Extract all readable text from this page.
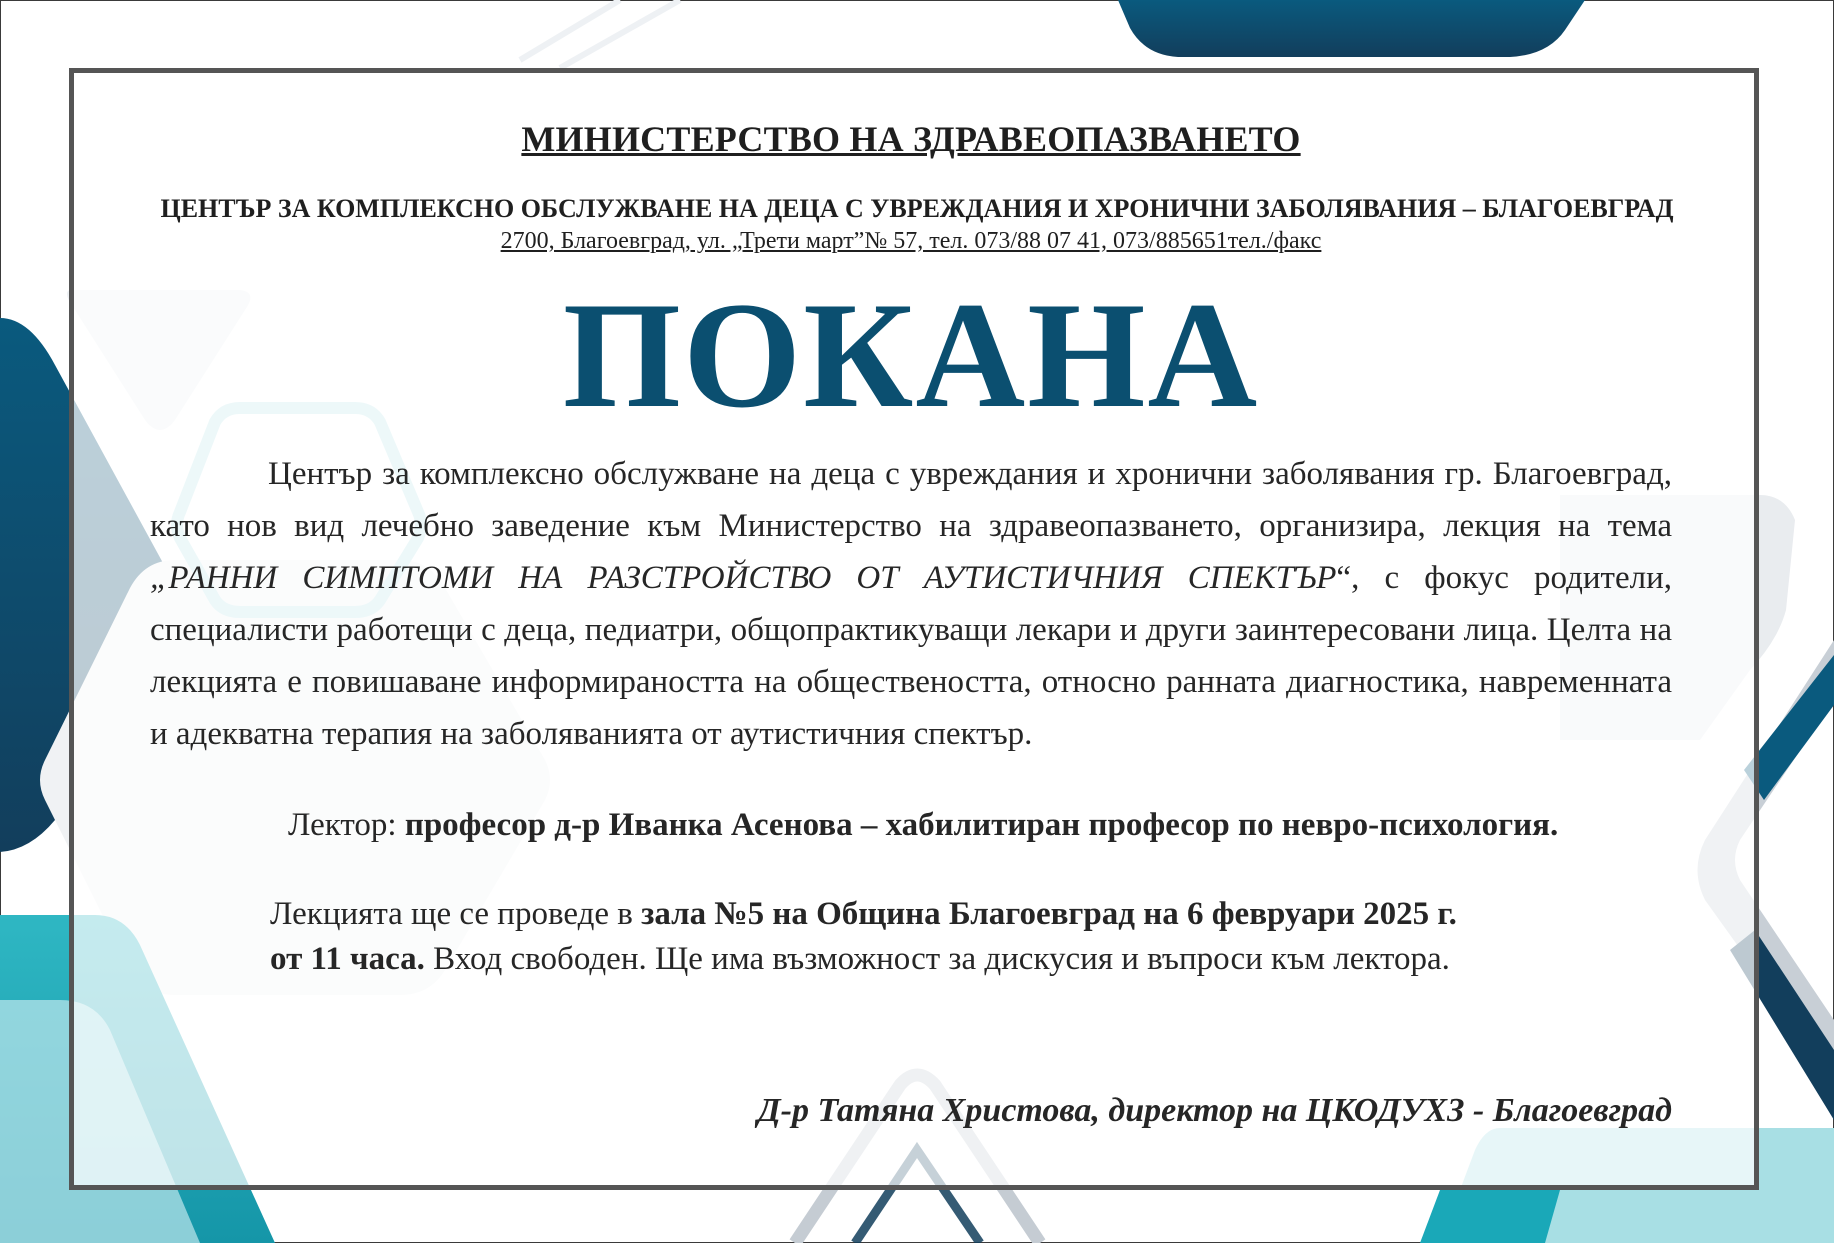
МИНИСТЕРСТВО НА ЗДРАВЕОПАЗВАНЕТО
ЦЕНТЪР ЗА КОМПЛЕКСНО ОБСЛУЖВАНЕ НА ДЕЦА С УВРЕЖДАНИЯ И ХРОНИЧНИ ЗАБОЛЯВАНИЯ – БЛАГОЕВГРАД
2700, Благоевград, ул. „Трети март”№ 57, тел. 073/88 07 41, 073/885651тел./факс
ПОКАНА
Център за комплексно обслужване на деца с увреждания и хронични заболявания гр. Благоевград, като нов вид лечебно заведение към Министерство на здравеопазването, организира, лекция на тема „РАННИ СИМПТОМИ НА РАЗСТРОЙСТВО ОТ АУТИСТИЧНИЯ СПЕКТЪР“, с фокус родители, специалисти работещи с деца, педиатри, общопрактикуващи лекари и други заинтересовани лица. Целта на лекцията е повишаване информираността на обществеността, относно ранната диагностика, навременната и адекватна терапия на заболяванията от аутистичния спектър.
Лектор: професор д-р Иванка Асенова – хабилитиран професор по невро-психология.
Лекцията ще се проведе в зала №5 на Община Благоевград на 6 февруари 2025 г.
от 11 часа. Вход свободен. Ще има възможност за дискусия и въпроси към лектора.
Д-р Татяна Христова, директор на ЦКОДУХЗ - Благоевград
